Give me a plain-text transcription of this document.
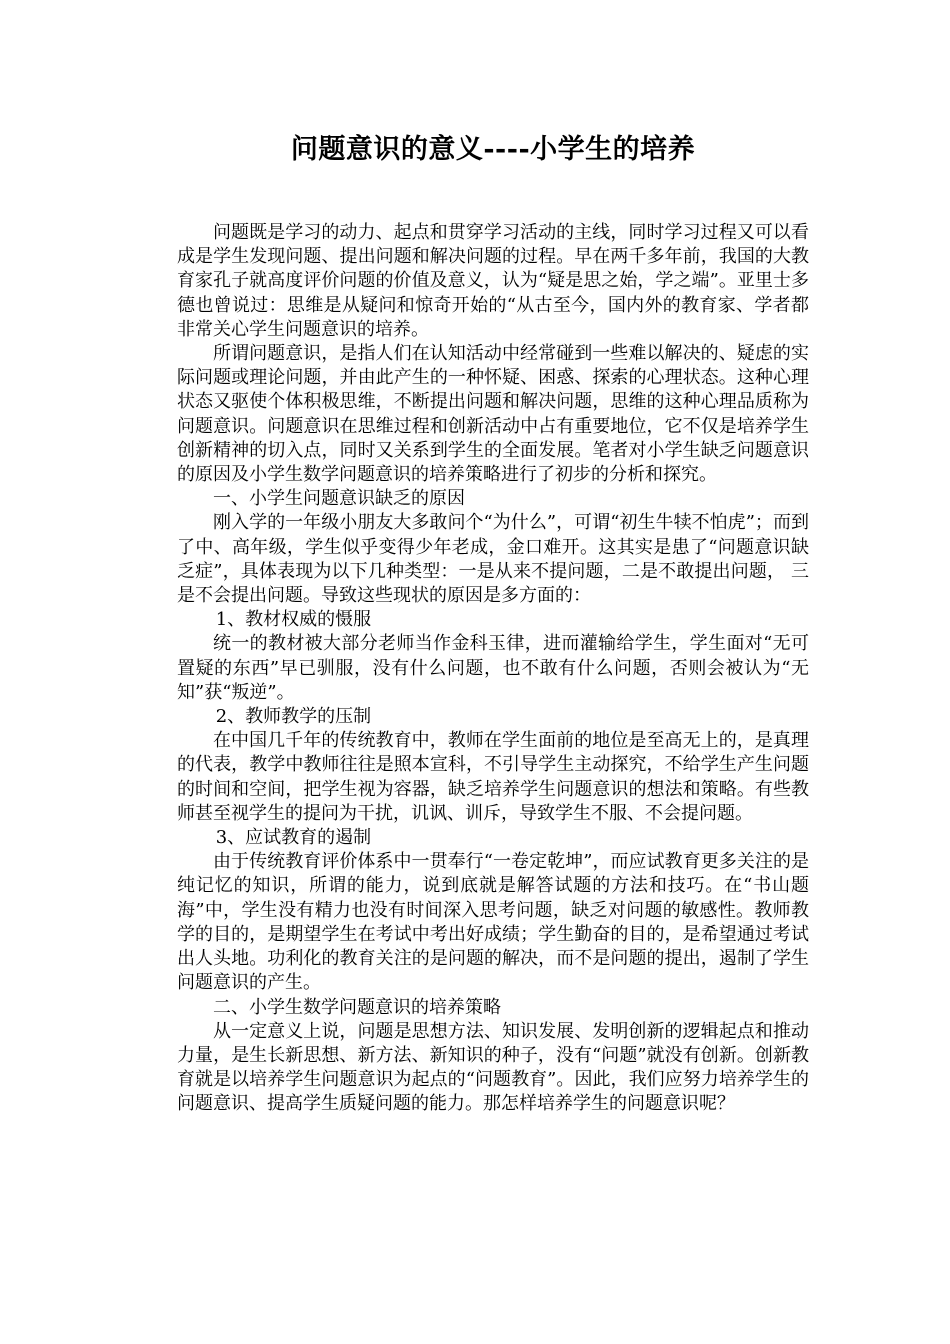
问题意识的意义----小学生的培养

问题既是学习的动力、起点和贯穿学习活动的主线，同时学习过程又可以看成是学生发现问题、提出问题和解决问题的过程。早在两千多年前，我国的大教育家孔子就高度评价问题的价值及意义，认为“疑是思之始，学之端”。亚里士多德也曾说过：思维是从疑问和惊奇开始的“从古至今，国内外的教育家、学者都非常关心学生问题意识的培养。

所谓问题意识，是指人们在认知活动中经常碰到一些难以解决的、疑虑的实际问题或理论问题，并由此产生的一种怀疑、困惑、探索的心理状态。这种心理状态又驱使个体积极思维，不断提出问题和解决问题，思维的这种心理品质称为问题意识。问题意识在思维过程和创新活动中占有重要地位，它不仅是培养学生创新精神的切入点，同时又关系到学生的全面发展。笔者对小学生缺乏问题意识的原因及小学生数学问题意识的培养策略进行了初步的分析和探究。

一、小学生问题意识缺乏的原因

刚入学的一年级小朋友大多敢问个“为什么”，可谓“初生牛犊不怕虎”；而到了中、高年级，学生似乎变得少年老成，金口难开。这其实是患了“问题意识缺乏症”，具体表现为以下几种类型：一是从来不提问题，二是不敢提出问题， 三是不会提出问题。导致这些现状的原因是多方面的：

1、教材权威的慑服

统一的教材被大部分老师当作金科玉律，进而灌输给学生，学生面对“无可置疑的东西”早已驯服，没有什么问题，也不敢有什么问题，否则会被认为“无知”获“叛逆”。

2、教师教学的压制

在中国几千年的传统教育中，教师在学生面前的地位是至高无上的，是真理的代表，教学中教师往往是照本宣科，不引导学生主动探究，不给学生产生问题的时间和空间，把学生视为容器，缺乏培养学生问题意识的想法和策略。有些教师甚至视学生的提问为干扰，讥讽、训斥，导致学生不服、不会提问题。

3、应试教育的遏制

由于传统教育评价体系中一贯奉行“一卷定乾坤”，而应试教育更多关注的是纯记忆的知识，所谓的能力，说到底就是解答试题的方法和技巧。在“书山题海”中，学生没有精力也没有时间深入思考问题，缺乏对问题的敏感性。教师教学的目的，是期望学生在考试中考出好成绩；学生勤奋的目的，是希望通过考试出人头地。功利化的教育关注的是问题的解决，而不是问题的提出，遏制了学生问题意识的产生。

二、小学生数学问题意识的培养策略

从一定意义上说，问题是思想方法、知识发展、发明创新的逻辑起点和推动力量，是生长新思想、新方法、新知识的种子，没有“问题”就没有创新。创新教育就是以培养学生问题意识为起点的“问题教育”。因此，我们应努力培养学生的问题意识、提高学生质疑问题的能力。那怎样培养学生的问题意识呢？
